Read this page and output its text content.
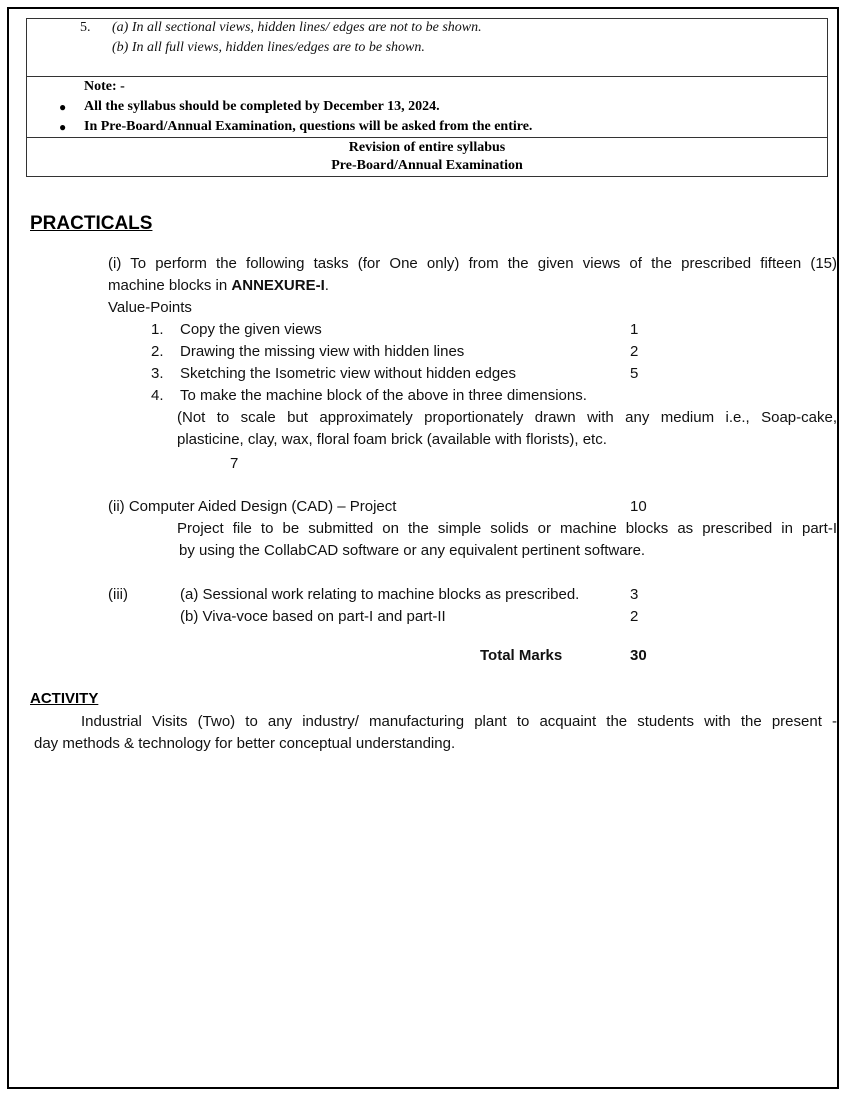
5. (a) In all sectional views, hidden lines/ edges are not to be shown.
(b) In all full views, hidden lines/edges are to be shown.
Note: -
● All the syllabus should be completed by December 13, 2024.
● In Pre-Board/Annual Examination, questions will be asked from the entire.
Revision of entire syllabus
Pre-Board/Annual Examination
PRACTICALS
(i) To perform the following tasks (for One only) from the given views of the prescribed fifteen (15)
machine blocks in ANNEXURE-I.
Value-Points
1. Copy the given views	1
2. Drawing the missing view with hidden lines	2
3. Sketching the Isometric view without hidden edges	5
4. To make the machine block of the above in three dimensions.
(Not to scale but approximately proportionately drawn with any medium i.e., Soap-cake,
plasticine, clay, wax, floral foam brick (available with florists), etc.
7
(ii) Computer Aided Design (CAD) – Project	10
Project file to be submitted on the simple solids or machine blocks as prescribed in part-I
by using the CollabCAD software or any equivalent pertinent software.
(iii)	(a) Sessional work relating to machine blocks as prescribed.	3
(b) Viva-voce based on part-I and part-II	2
Total Marks	30
ACTIVITY
Industrial Visits (Two) to any industry/ manufacturing plant to acquaint the students with the present -
day methods & technology for better conceptual understanding.
